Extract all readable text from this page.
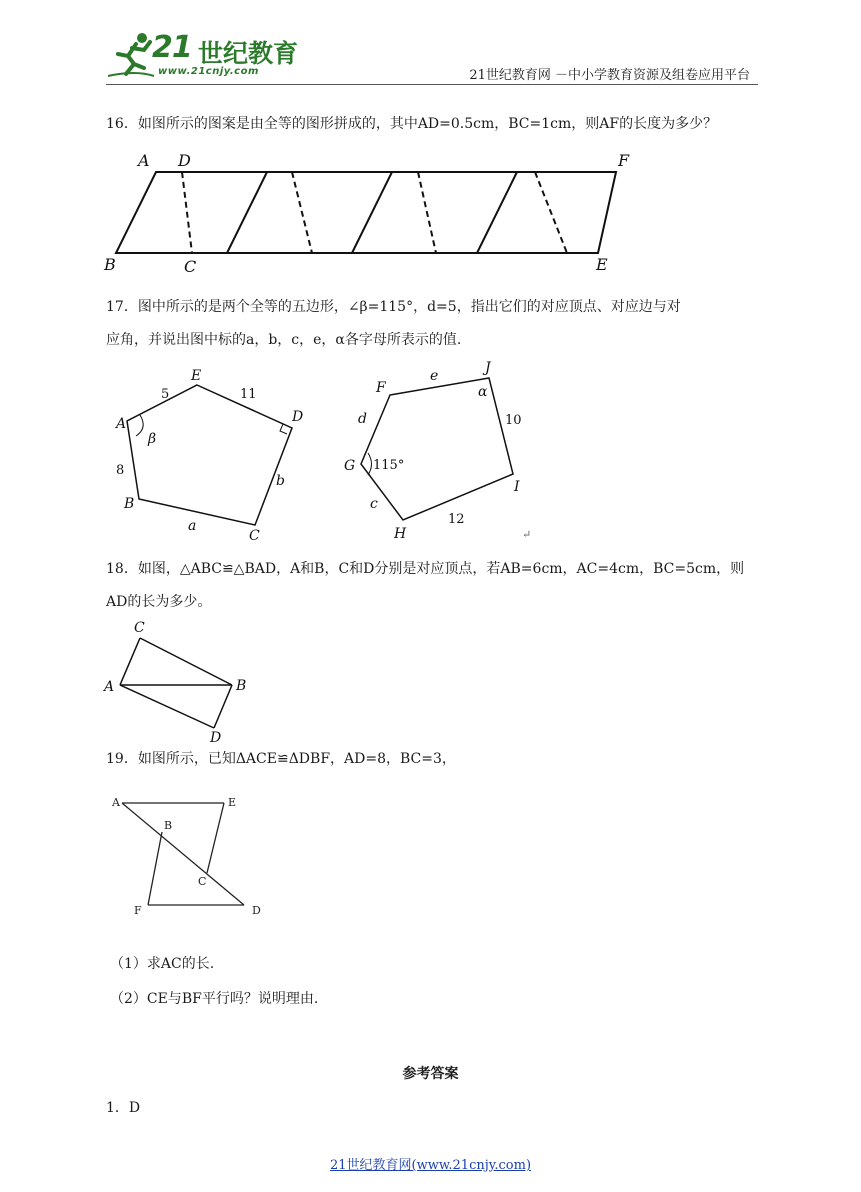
21 世纪教育
www.21cnjy.com	21世纪教育网 －中小学教育资源及组卷应用平台
16．如图所示的图案是由全等的图形拼成的，其中AD=0.5cm，BC=1cm，则AF的长度为多少？
A D	F
B	C	E
17．图中所示的是两个全等的五边形，∠β=115°，d=5，指出它们的对应顶点、对应边与对
应角，并说出图中标的a，b，c，e，α各字母所表示的值.
E
D
A
B
C
β
a
b
5	11
8
F
J
G
I
H
e
d
α
c
10
12
115°
↵
18．如图，△ABC≌△BAD，A和B，C和D分别是对应顶点，若AB=6cm，AC=4cm，BC=5cm，则
AD的长为多少。
C
A	B
D
19．如图所示，已知ΔACE≌ΔDBF，AD=8，BC=3，
A	E
B
C
F	D
（1）求AC的长.
（2）CE与BF平行吗？说明理由.
参考答案
1．D
21世纪教育网(www.21cnjy.com)
